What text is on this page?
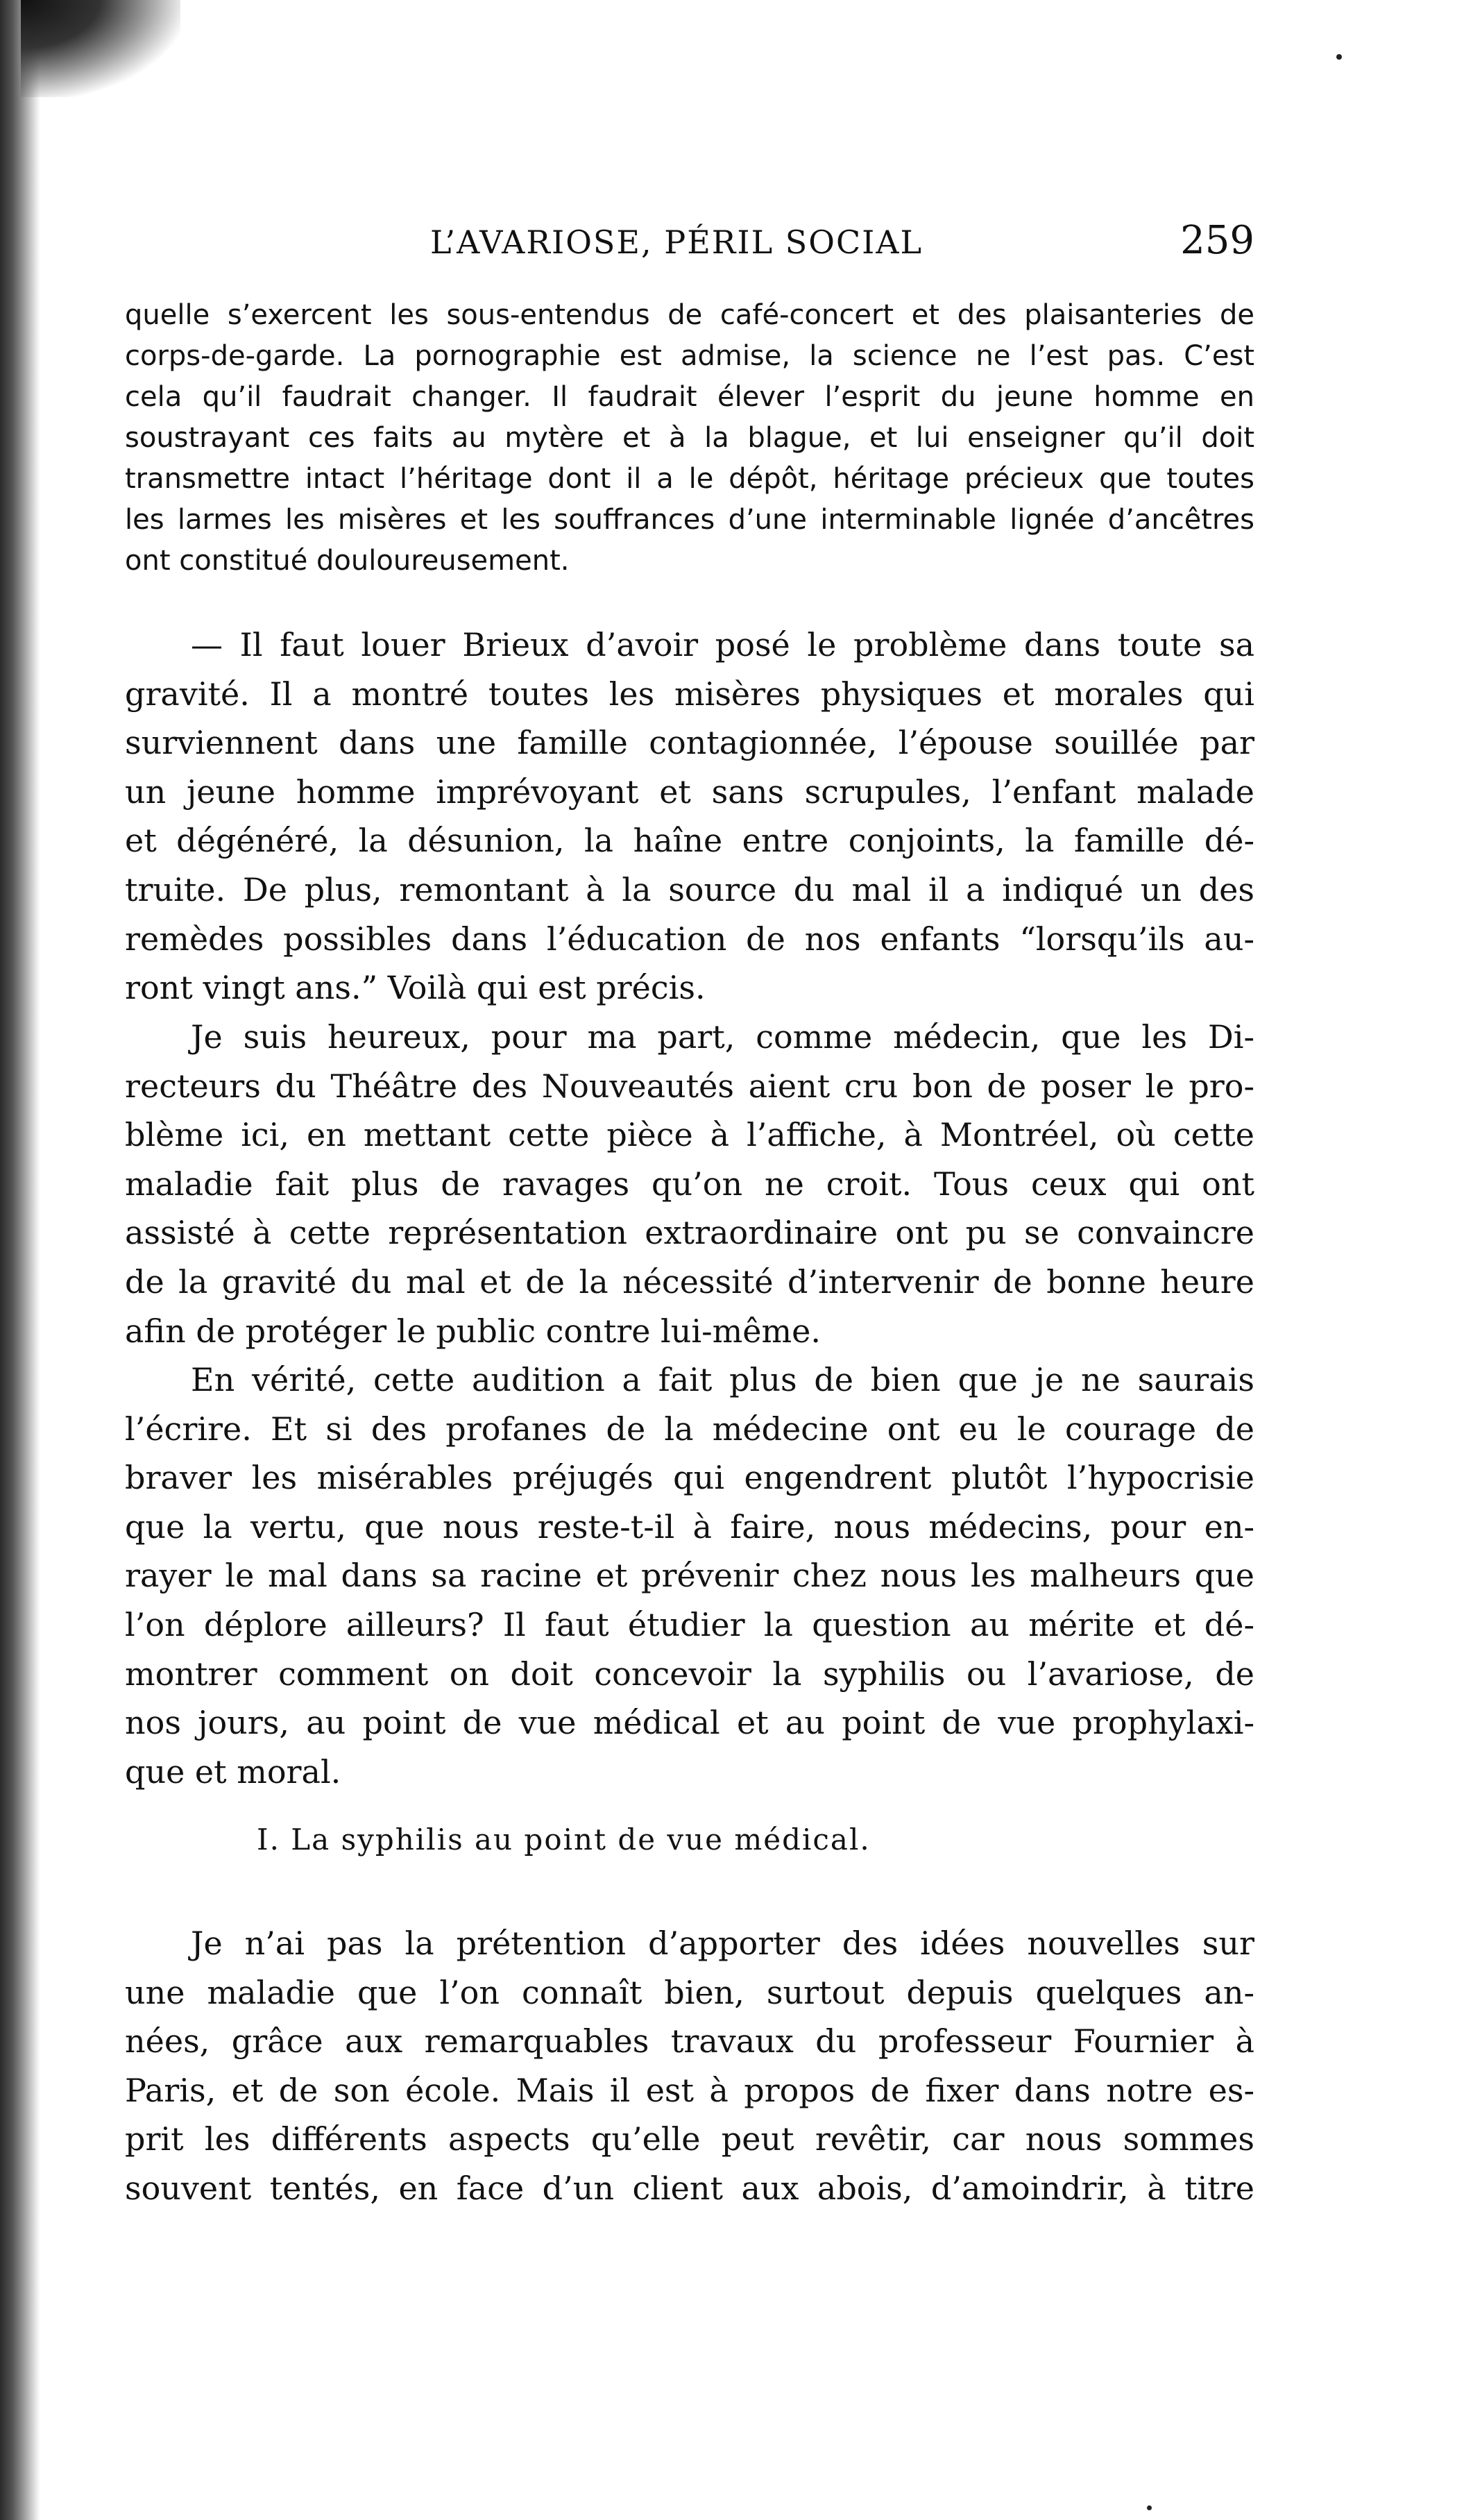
L’AVARIOSE, PÉRIL SOCIAL	259
quelle s’exercent les sous-entendus de café-concert et des plaisanteries de
corps-de-garde. La pornographie est admise, la science ne l’est pas. C’est
cela qu’il faudrait changer. Il faudrait élever l’esprit du jeune homme en
soustrayant ces faits au mytère et à la blague, et lui enseigner qu’il doit
transmettre intact l’héritage dont il a le dépôt, héritage précieux que toutes
les larmes les misères et les souffrances d’une interminable lignée d’ancêtres
ont constitué douloureusement.
— Il faut louer Brieux d’avoir posé le problème dans toute sa
gravité. Il a montré toutes les misères physiques et morales qui
surviennent dans une famille contagionnée, l’épouse souillée par
un jeune homme imprévoyant et sans scrupules, l’enfant malade
et dégénéré, la désunion, la haîne entre conjoints, la famille dé-
truite. De plus, remontant à la source du mal il a indiqué un des
remèdes possibles dans l’éducation de nos enfants “lorsqu’ils au-
ront vingt ans.” Voilà qui est précis.
Je suis heureux, pour ma part, comme médecin, que les Di-
recteurs du Théâtre des Nouveautés aient cru bon de poser le pro-
blème ici, en mettant cette pièce à l’affiche, à Montréel, où cette
maladie fait plus de ravages qu’on ne croit. Tous ceux qui ont
assisté à cette représentation extraordinaire ont pu se convaincre
de la gravité du mal et de la nécessité d’intervenir de bonne heure
afin de protéger le public contre lui-même.
En vérité, cette audition a fait plus de bien que je ne saurais
l’écrire. Et si des profanes de la médecine ont eu le courage de
braver les misérables préjugés qui engendrent plutôt l’hypocrisie
que la vertu, que nous reste-t-il à faire, nous médecins, pour en-
rayer le mal dans sa racine et prévenir chez nous les malheurs que
l’on déplore ailleurs? Il faut étudier la question au mérite et dé-
montrer comment on doit concevoir la syphilis ou l’avariose, de
nos jours, au point de vue médical et au point de vue prophylaxi-
que et moral.
I. La syphilis au point de vue médical.
Je n’ai pas la prétention d’apporter des idées nouvelles sur
une maladie que l’on connaît bien, surtout depuis quelques an-
nées, grâce aux remarquables travaux du professeur Fournier à
Paris, et de son école. Mais il est à propos de fixer dans notre es-
prit les différents aspects qu’elle peut revêtir, car nous sommes
souvent tentés, en face d’un client aux abois, d’amoindrir, à titre
